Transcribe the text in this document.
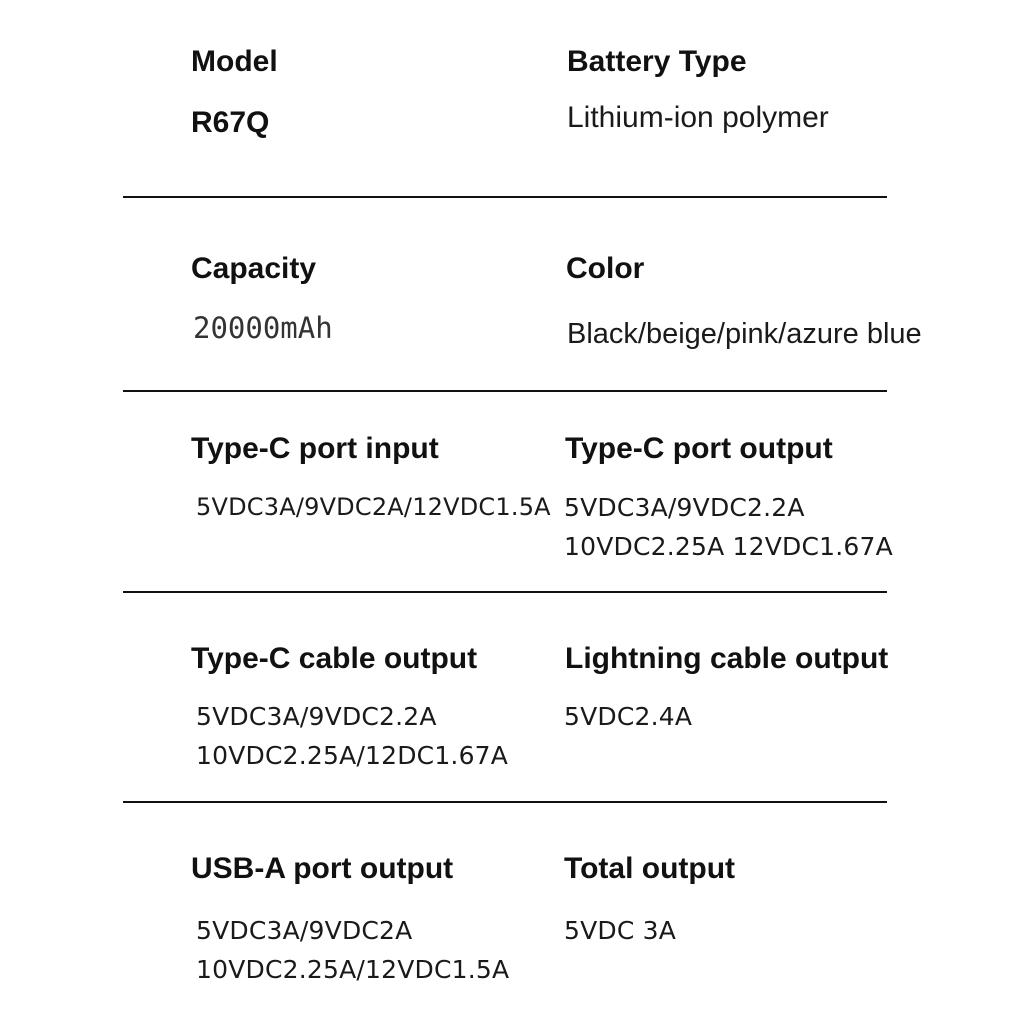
Model
R67Q
Battery Type
Lithium-ion polymer
Capacity
20000mAh
Color
Black/beige/pink/azure blue
Type-C port input
5VDC3A/9VDC2A/12VDC1.5A
Type-C port output
5VDC3A/9VDC2.2A
10VDC2.25A 12VDC1.67A
Type-C cable output
5VDC3A/9VDC2.2A
10VDC2.25A/12DC1.67A
Lightning cable output
5VDC2.4A
USB-A port output
5VDC3A/9VDC2A
10VDC2.25A/12VDC1.5A
Total output
5VDC 3A
